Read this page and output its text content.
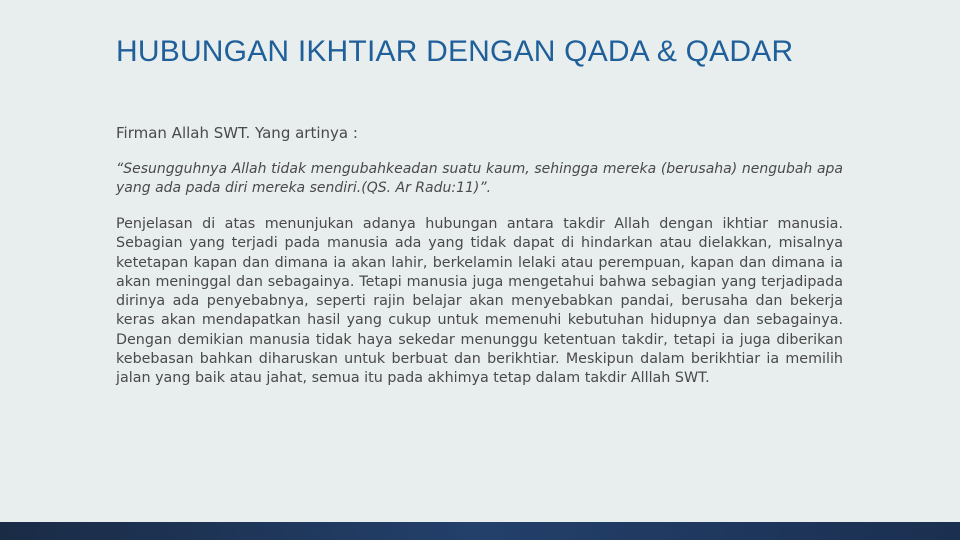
HUBUNGAN IKHTIAR DENGAN QADA & QADAR

Firman Allah SWT. Yang artinya :

“Sesungguhnya Allah tidak mengubahkeadan suatu kaum, sehingga mereka (berusaha) nengubah apa yang ada pada diri mereka sendiri.(QS. Ar Radu:11)”.

Penjelasan di atas menunjukan adanya hubungan antara takdir Allah dengan ikhtiar manusia. Sebagian yang terjadi pada manusia ada yang tidak dapat di hindarkan atau dielakkan, misalnya ketetapan kapan dan dimana ia akan lahir, berkelamin lelaki atau perempuan, kapan dan dimana ia akan meninggal dan sebagainya. Tetapi manusia juga mengetahui bahwa sebagian yang terjadipada dirinya ada penyebabnya, seperti rajin belajar akan menyebabkan pandai, berusaha dan bekerja keras akan mendapatkan hasil yang cukup untuk memenuhi kebutuhan hidupnya dan sebagainya. Dengan demikian manusia tidak haya sekedar menunggu ketentuan takdir, tetapi ia juga diberikan kebebasan bahkan diharuskan untuk berbuat dan berikhtiar. Meskipun dalam berikhtiar ia memilih jalan yang baik atau jahat, semua itu pada akhimya tetap dalam takdir Alllah SWT.
